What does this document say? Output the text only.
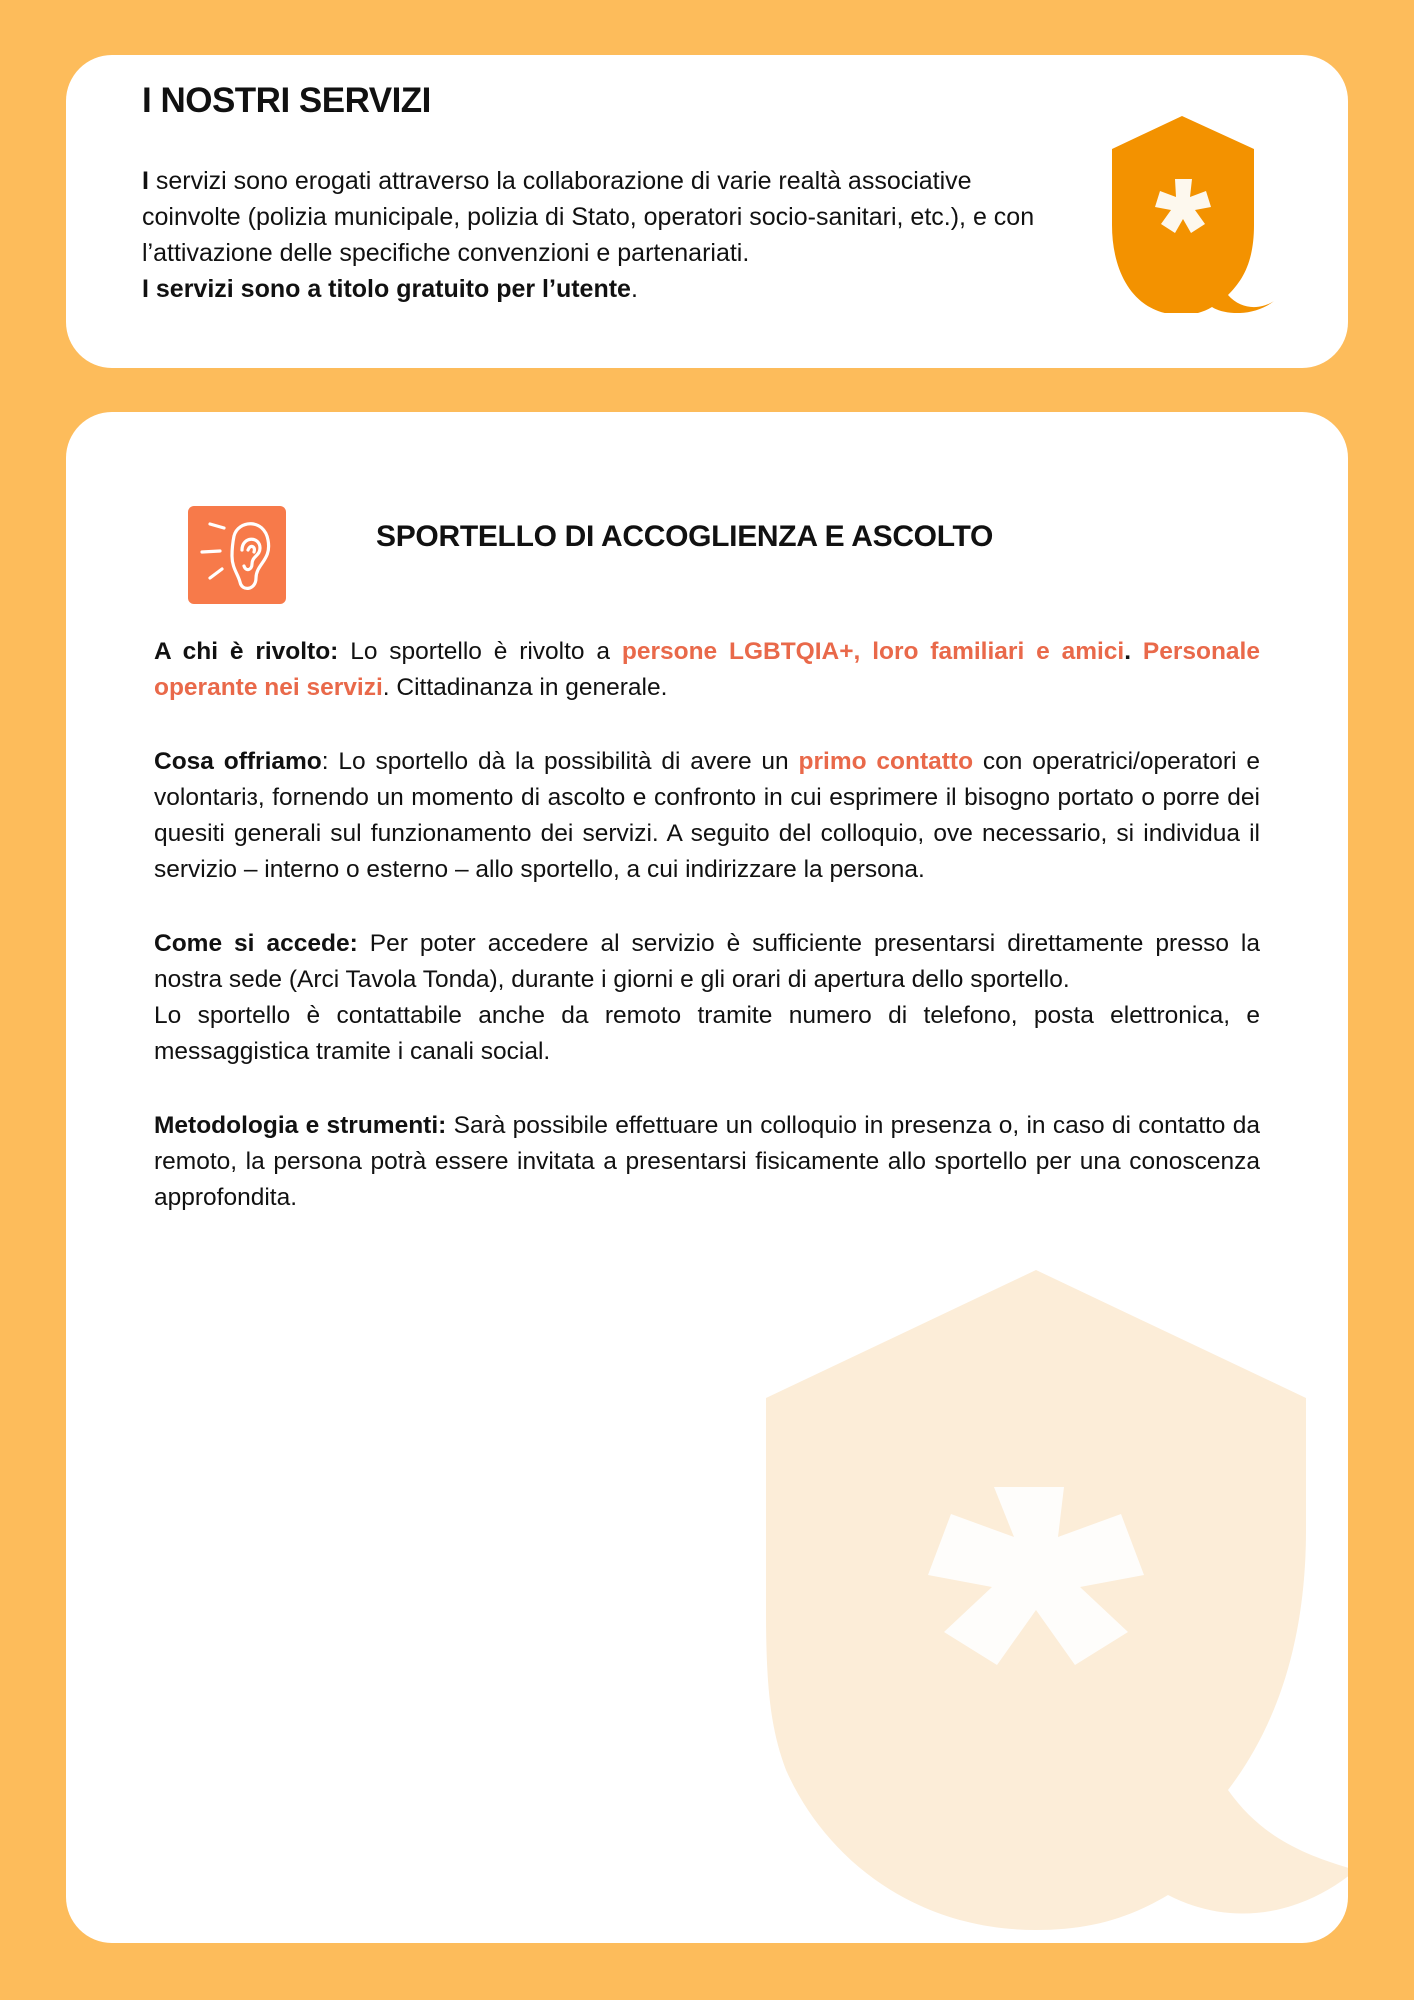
I NOSTRI SERVIZI

I servizi sono erogati attraverso la collaborazione di varie realtà associative coinvolte (polizia municipale, polizia di Stato, operatori socio-sanitari, etc.), e con l’attivazione delle specifiche convenzioni e partenariati.
I servizi sono a titolo gratuito per l’utente.

SPORTELLO DI ACCOGLIENZA E ASCOLTO

A chi è rivolto: Lo sportello è rivolto a persone LGBTQIA+, loro familiari e amici. Personale operante nei servizi. Cittadinanza in generale.

Cosa offriamo: Lo sportello dà la possibilità di avere un primo contatto con operatrici/operatori e volontariɜ, fornendo un momento di ascolto e confronto in cui esprimere il bisogno portato o porre dei quesiti generali sul funzionamento dei servizi. A seguito del colloquio, ove necessario, si individua il servizio – interno o esterno – allo sportello, a cui indirizzare la persona.

Come si accede: Per poter accedere al servizio è sufficiente presentarsi direttamente presso la nostra sede (Arci Tavola Tonda), durante i giorni e gli orari di apertura dello sportello.

Lo sportello è contattabile anche da remoto tramite numero di telefono, posta elettronica, e messaggistica tramite i canali social.

Metodologia e strumenti: Sarà possibile effettuare un colloquio in presenza o, in caso di contatto da remoto, la persona potrà essere invitata a presentarsi fisicamente allo sportello per una conoscenza approfondita.
